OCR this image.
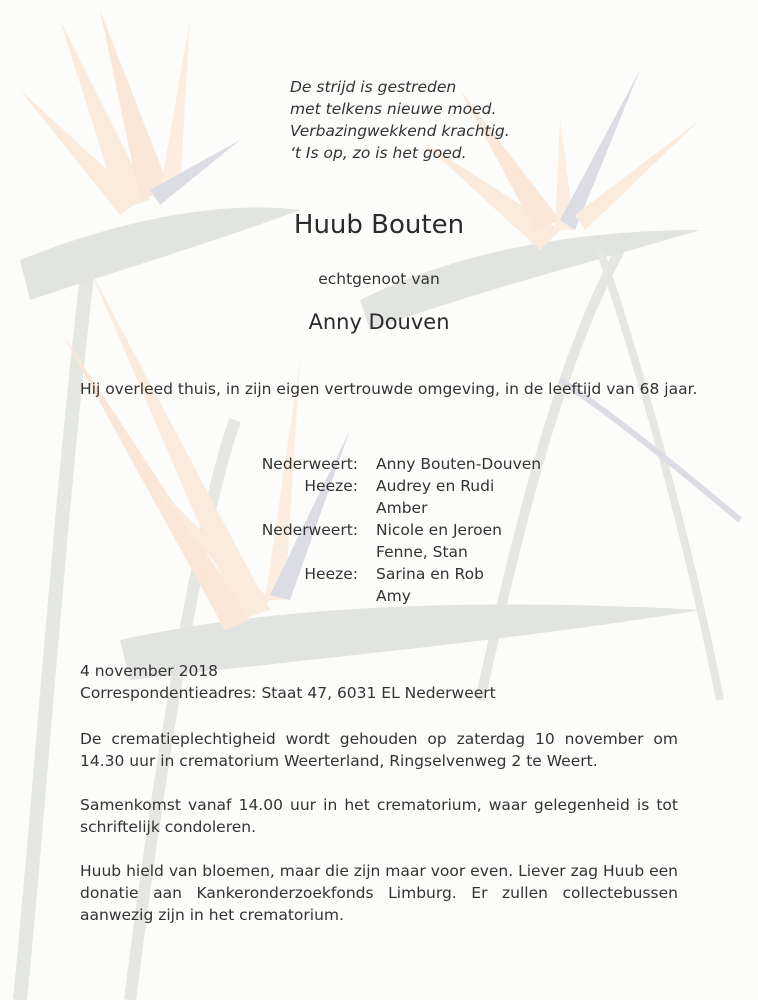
De strijd is gestreden
met telkens nieuwe moed.
Verbazingwekkend krachtig.
‘t Is op, zo is het goed.
Huub Bouten
echtgenoot van
Anny Douven
Hij overleed thuis, in zijn eigen vertrouwde omgeving, in de leeftijd van 68 jaar.
Nederweert: Anny Bouten-Douven
Heeze: Audrey en Rudi
Amber
Nederweert: Nicole en Jeroen
Fenne, Stan
Heeze: Sarina en Rob
Amy
4 november 2018
Correspondentieadres: Staat 47, 6031 EL Nederweert
De crematieplechtigheid wordt gehouden op zaterdag 10 november om 14.30 uur in crematorium Weerterland, Ringselvenweg 2 te Weert.
Samenkomst vanaf 14.00 uur in het crematorium, waar gelegenheid is tot schriftelijk condoleren.
Huub hield van bloemen, maar die zijn maar voor even. Liever zag Huub een donatie aan Kankeronderzoekfonds Limburg. Er zullen collectebussen aanwezig zijn in het crematorium.
